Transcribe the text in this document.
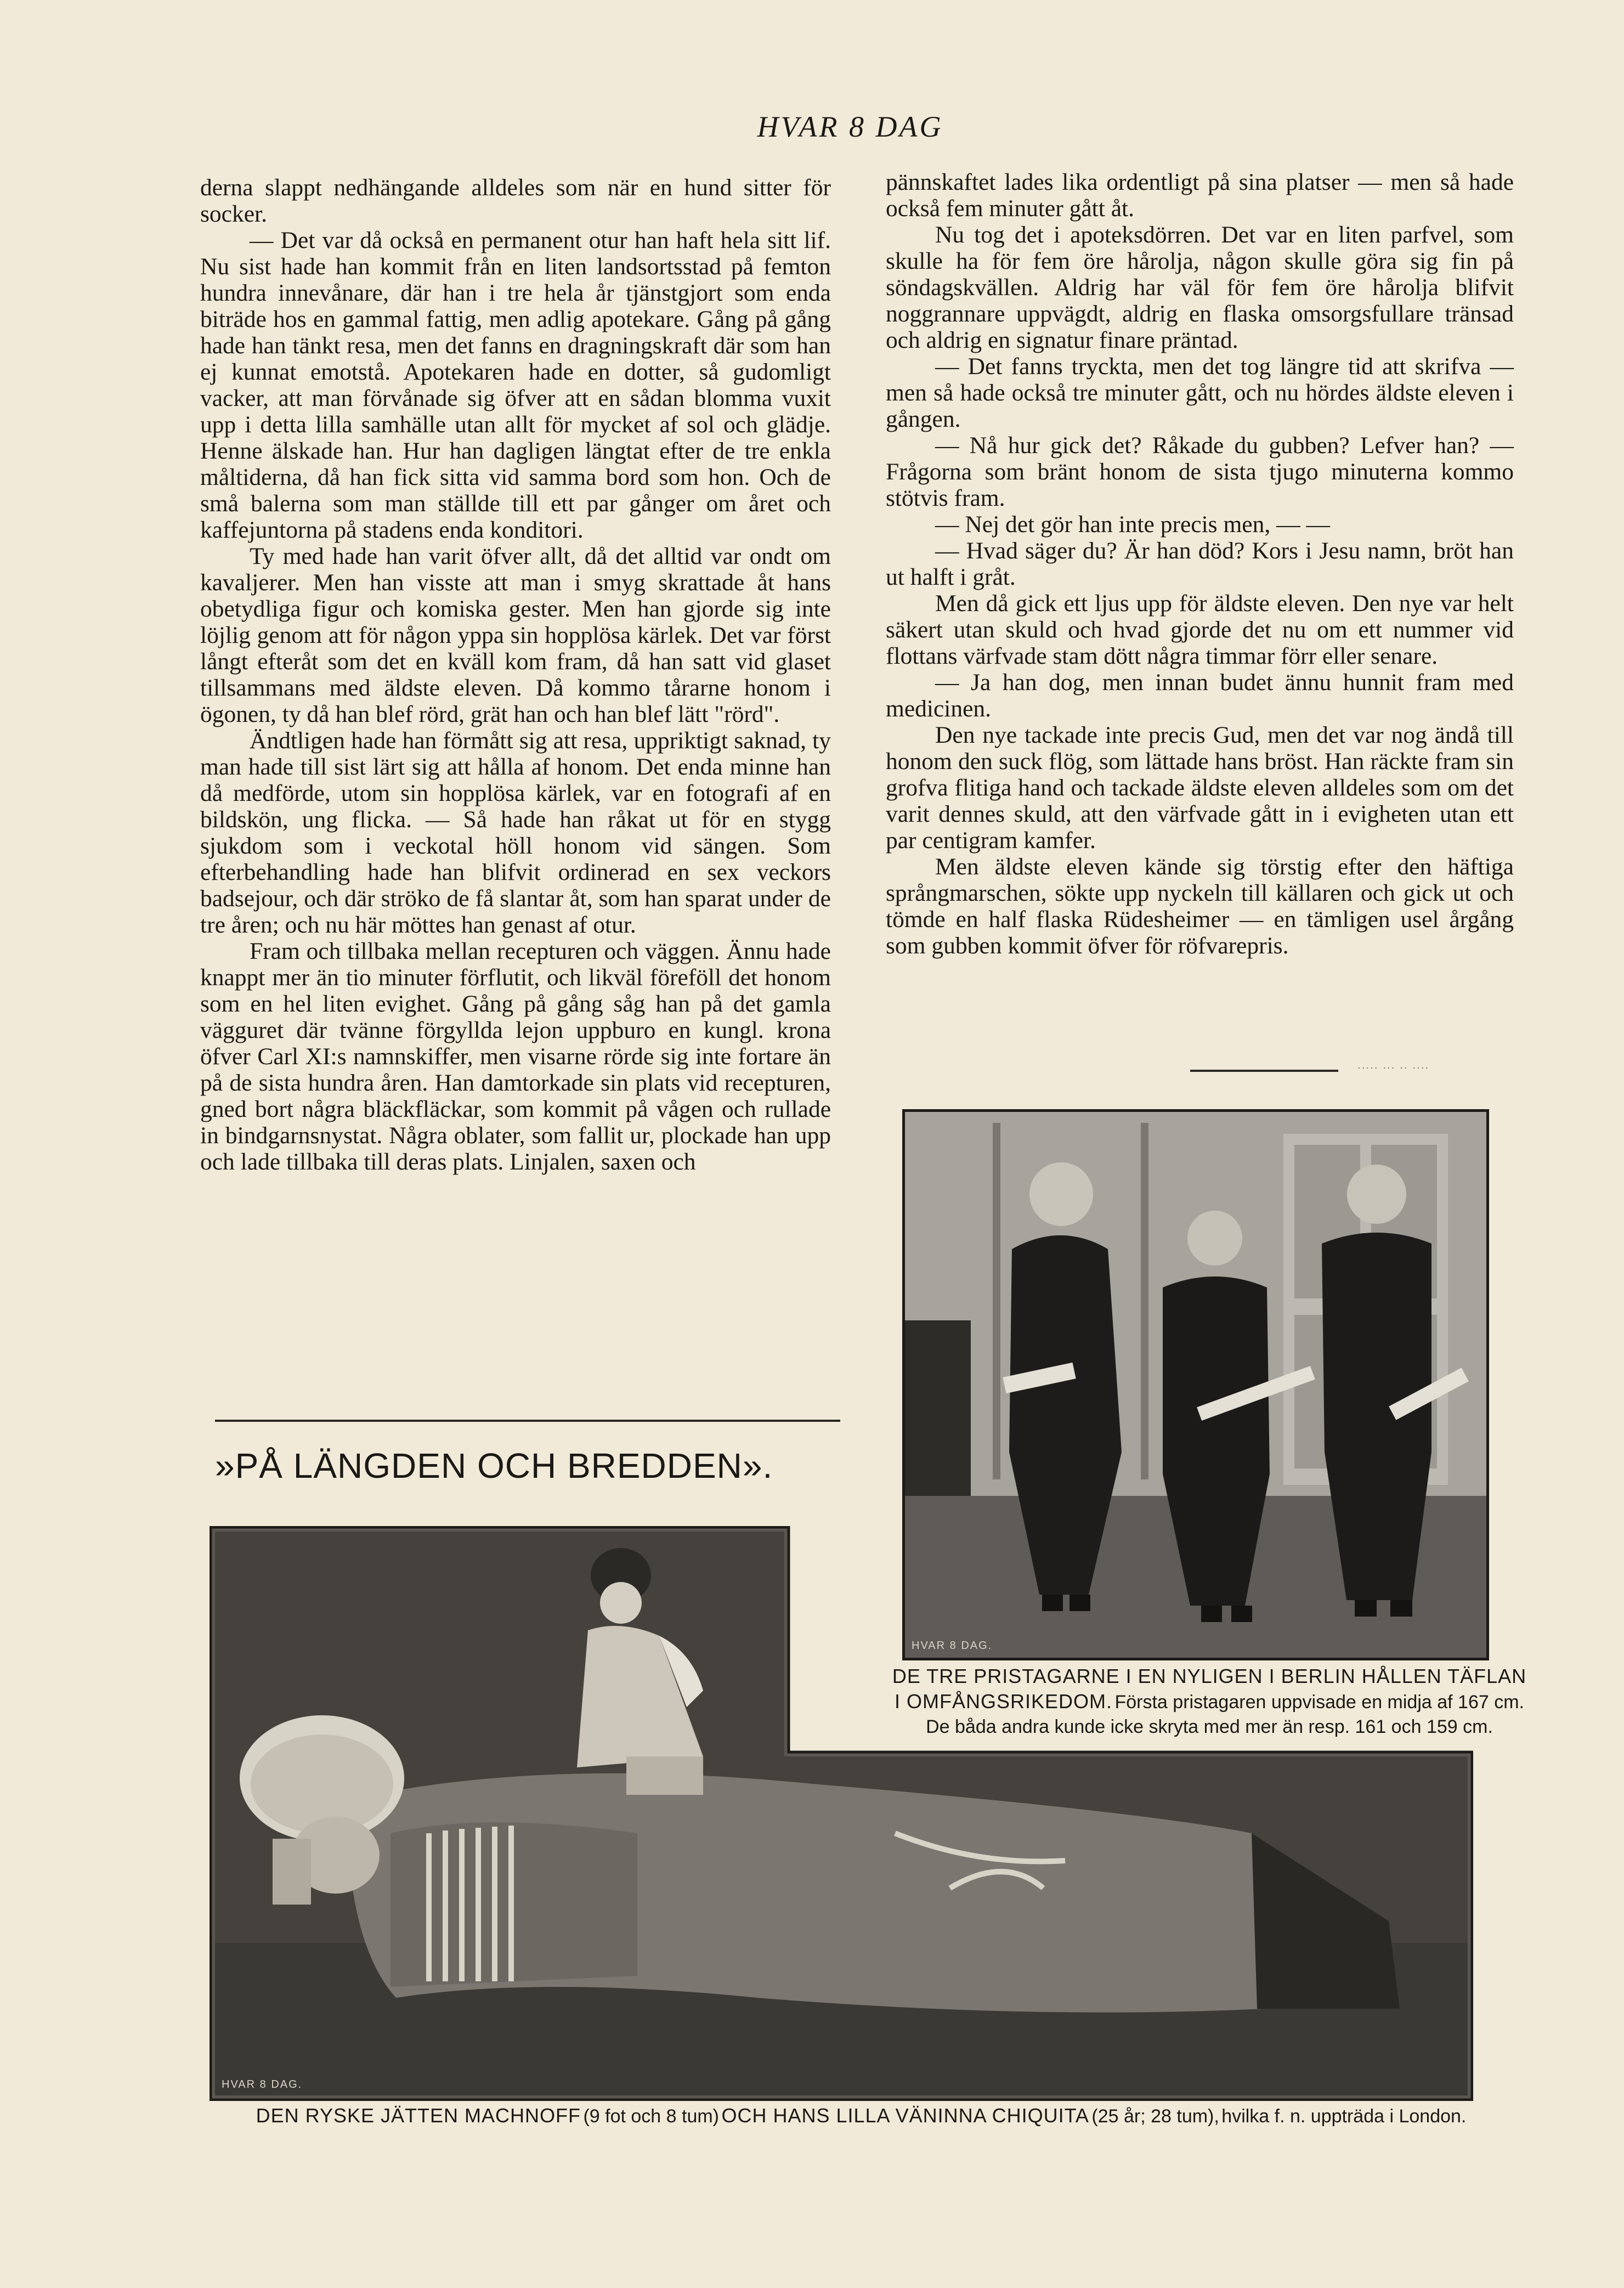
HVAR 8 DAG

derna slappt nedhängande alldeles som när en hund sitter för socker.

— Det var då också en permanent otur han haft hela sitt lif. Nu sist hade han kommit från en liten landsortsstad på femton hundra innevånare, där han i tre hela år tjänstgjort som enda biträde hos en gammal fattig, men adlig apotekare. Gång på gång hade han tänkt resa, men det fanns en dragningskraft där som han ej kunnat emotstå. Apotekaren hade en dotter, så gudomligt vacker, att man förvånade sig öfver att en sådan blomma vuxit upp i detta lilla samhälle utan allt för mycket af sol och glädje. Henne älskade han. Hur han dagligen längtat efter de tre enkla måltiderna, då han fick sitta vid samma bord som hon. Och de små balerna som man ställde till ett par gånger om året och kaffejuntorna på stadens enda konditori.

Ty med hade han varit öfver allt, då det alltid var ondt om kavaljerer. Men han visste att man i smyg skrattade åt hans obetydliga figur och komiska gester. Men han gjorde sig inte löjlig genom att för någon yppa sin hopplösa kärlek. Det var först långt efteråt som det en kväll kom fram, då han satt vid glaset tillsammans med äldste eleven. Då kommo tårarne honom i ögonen, ty då han blef rörd, grät han och han blef lätt "rörd".

Ändtligen hade han förmått sig att resa, uppriktigt saknad, ty man hade till sist lärt sig att hålla af honom. Det enda minne han då medförde, utom sin hopplösa kärlek, var en fotografi af en bildskön, ung flicka. — Så hade han råkat ut för en stygg sjukdom som i veckotal höll honom vid sängen. Som efterbehandling hade han blifvit ordinerad en sex veckors badsejour, och där ströko de få slantar åt, som han sparat under de tre åren; och nu här möttes han genast af otur.

Fram och tillbaka mellan recepturen och väggen. Ännu hade knappt mer än tio minuter förflutit, och likväl föreföll det honom som en hel liten evighet. Gång på gång såg han på det gamla vägguret där tvänne förgyllda lejon uppburo en kungl. krona öfver Carl XI:s namnskiffer, men visarne rörde sig inte fortare än på de sista hundra åren. Han damtorkade sin plats vid recepturen, gned bort några bläckfläckar, som kommit på vågen och rullade in bindgarnsnystat. Några oblater, som fallit ur, plockade han upp och lade tillbaka till deras plats. Linjalen, saxen och

pännskaftet lades lika ordentligt på sina platser — men så hade också fem minuter gått åt.

Nu tog det i apoteksdörren. Det var en liten parfvel, som skulle ha för fem öre hårolja, någon skulle göra sig fin på söndagskvällen. Aldrig har väl för fem öre hårolja blifvit noggrannare uppvägdt, aldrig en flaska omsorgsfullare tränsad och aldrig en signatur finare präntad.

— Det fanns tryckta, men det tog längre tid att skrifva — men så hade också tre minuter gått, och nu hördes äldste eleven i gången.

— Nå hur gick det? Råkade du gubben? Lefver han? — Frågorna som bränt honom de sista tjugo minuterna kommo stötvis fram.

— Nej det gör han inte precis men, — —

— Hvad säger du? Är han död? Kors i Jesu namn, bröt han ut halft i gråt.

Men då gick ett ljus upp för äldste eleven. Den nye var helt säkert utan skuld och hvad gjorde det nu om ett nummer vid flottans värfvade stam dött några timmar förr eller senare.

— Ja han dog, men innan budet ännu hunnit fram med medicinen.

Den nye tackade inte precis Gud, men det var nog ändå till honom den suck flög, som lättade hans bröst. Han räckte fram sin grofva flitiga hand och tackade äldste eleven alldeles som om det varit dennes skuld, att den värfvade gått in i evigheten utan ett par centigram kamfer.

Men äldste eleven kände sig törstig efter den häftiga språngmarschen, sökte upp nyckeln till källaren och gick ut och tömde en half flaska Rüdesheimer — en tämligen usel årgång som gubben kommit öfver för röfvarepris.

····· ··· ·· ····
»PÅ LÄNGDEN OCH BREDDEN».
HVAR 8 DAG.
DE TRE PRISTAGARNE I EN NYLIGEN I BERLIN HÅLLEN TÄFLAN I OMFÅNGSRIKEDOM. Första pristagaren uppvisade en midja af 167 cm. De båda andra kunde icke skryta med mer än resp. 161 och 159 cm.
HVAR 8 DAG.
DEN RYSKE JÄTTEN MACHNOFF (9 fot och 8 tum) OCH HANS LILLA VÄNINNA CHIQUITA (25 år; 28 tum), hvilka f. n. uppträda i London.
